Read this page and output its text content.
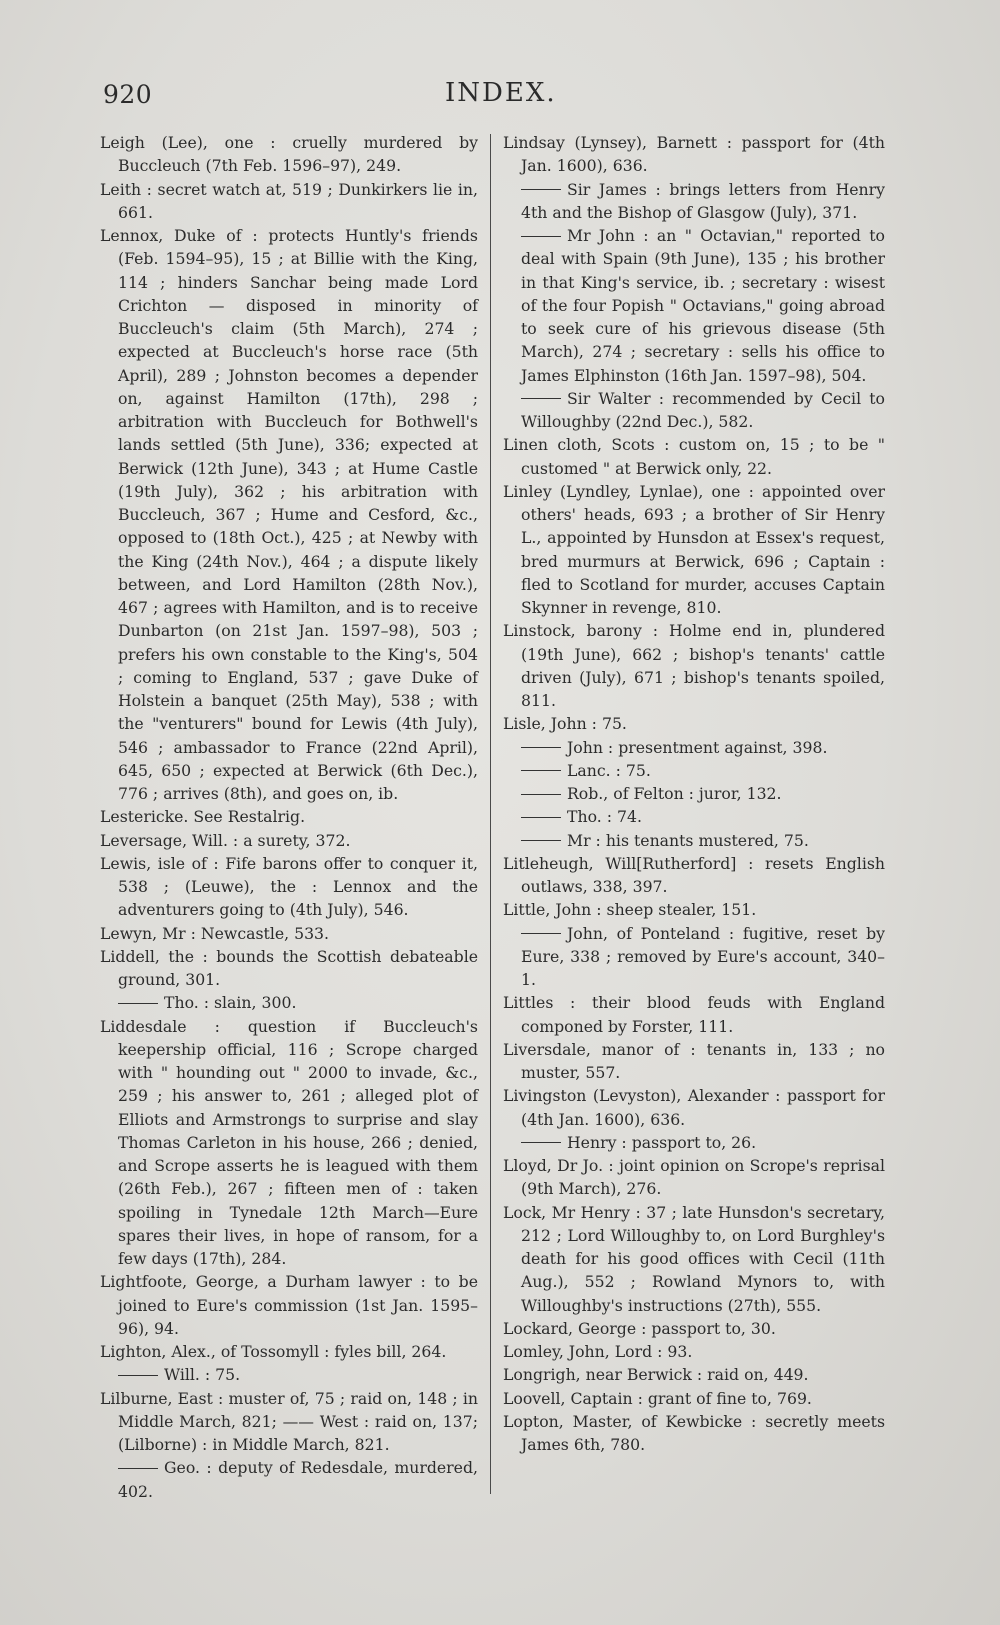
920	INDEX.

Leigh (Lee), one : cruelly murdered by Buccleuch (7th Feb. 1596–97), 249.

Leith : secret watch at, 519 ; Dunkirkers lie in, 661.

Lennox, Duke of : protects Huntly's friends (Feb. 1594–95), 15 ; at Billie with the King, 114 ; hinders Sanchar being made Lord Crichton — disposed in minority of Buccleuch's claim (5th March), 274 ; expected at Buccleuch's horse race (5th April), 289 ; Johnston becomes a depender on, against Hamilton (17th), 298 ; arbitration with Buccleuch for Bothwell's lands settled (5th June), 336; expected at Berwick (12th June), 343 ; at Hume Castle (19th July), 362 ; his arbitration with Buccleuch, 367 ; Hume and Cesford, &c., opposed to (18th Oct.), 425 ; at Newby with the King (24th Nov.), 464 ; a dispute likely between, and Lord Hamilton (28th Nov.), 467 ; agrees with Hamilton, and is to receive Dunbarton (on 21st Jan. 1597–98), 503 ; prefers his own constable to the King's, 504 ; coming to England, 537 ; gave Duke of Holstein a banquet (25th May), 538 ; with the "venturers" bound for Lewis (4th July), 546 ; ambassador to France (22nd April), 645, 650 ; expected at Berwick (6th Dec.), 776 ; arrives (8th), and goes on, ib.

Lestericke. See Restalrig.

Leversage, Will. : a surety, 372.

Lewis, isle of : Fife barons offer to conquer it, 538 ; (Leuwe), the : Lennox and the adventurers going to (4th July), 546.

Lewyn, Mr : Newcastle, 533.

Liddell, the : bounds the Scottish debateable ground, 301.

Tho. : slain, 300.

Liddesdale : question if Buccleuch's keepership official, 116 ; Scrope charged with " hounding out " 2000 to invade, &c., 259 ; his answer to, 261 ; alleged plot of Elliots and Armstrongs to surprise and slay Thomas Carleton in his house, 266 ; denied, and Scrope asserts he is leagued with them (26th Feb.), 267 ; fifteen men of : taken spoiling in Tynedale 12th March—Eure spares their lives, in hope of ransom, for a few days (17th), 284.

Lightfoote, George, a Durham lawyer : to be joined to Eure's commission (1st Jan. 1595–96), 94.

Lighton, Alex., of Tossomyll : fyles bill, 264.

Will. : 75.

Lilburne, East : muster of, 75 ; raid on, 148 ; in Middle March, 821; —— West : raid on, 137; (Lilborne) : in Middle March, 821.

Geo. : deputy of Redesdale, murdered, 402.

Lindsay (Lynsey), Barnett : passport for (4th Jan. 1600), 636.

Sir James : brings letters from Henry 4th and the Bishop of Glasgow (July), 371.

Mr John : an " Octavian," reported to deal with Spain (9th June), 135 ; his brother in that King's service, ib. ; secretary : wisest of the four Popish " Octavians," going abroad to seek cure of his grievous disease (5th March), 274 ; secretary : sells his office to James Elphinston (16th Jan. 1597–98), 504.

Sir Walter : recommended by Cecil to Willoughby (22nd Dec.), 582.

Linen cloth, Scots : custom on, 15 ; to be " customed " at Berwick only, 22.

Linley (Lyndley, Lynlae), one : appointed over others' heads, 693 ; a brother of Sir Henry L., appointed by Hunsdon at Essex's request, bred murmurs at Berwick, 696 ; Captain : fled to Scotland for murder, accuses Captain Skynner in revenge, 810.

Linstock, barony : Holme end in, plundered (19th June), 662 ; bishop's tenants' cattle driven (July), 671 ; bishop's tenants spoiled, 811.

Lisle, John : 75.

John : presentment against, 398.

Lanc. : 75.

Rob., of Felton : juror, 132.

Tho. : 74.

Mr : his tenants mustered, 75.

Litleheugh, Will[Rutherford] : resets English outlaws, 338, 397.

Little, John : sheep stealer, 151.

John, of Ponteland : fugitive, reset by Eure, 338 ; removed by Eure's account, 340–1.

Littles : their blood feuds with England componed by Forster, 111.

Liversdale, manor of : tenants in, 133 ; no muster, 557.

Livingston (Levyston), Alexander : passport for (4th Jan. 1600), 636.

Henry : passport to, 26.

Lloyd, Dr Jo. : joint opinion on Scrope's reprisal (9th March), 276.

Lock, Mr Henry : 37 ; late Hunsdon's secretary, 212 ; Lord Willoughby to, on Lord Burghley's death for his good offices with Cecil (11th Aug.), 552 ; Rowland Mynors to, with Willoughby's instructions (27th), 555.

Lockard, George : passport to, 30.

Lomley, John, Lord : 93.

Longrigh, near Berwick : raid on, 449.

Loovell, Captain : grant of fine to, 769.

Lopton, Master, of Kewbicke : secretly meets James 6th, 780.
